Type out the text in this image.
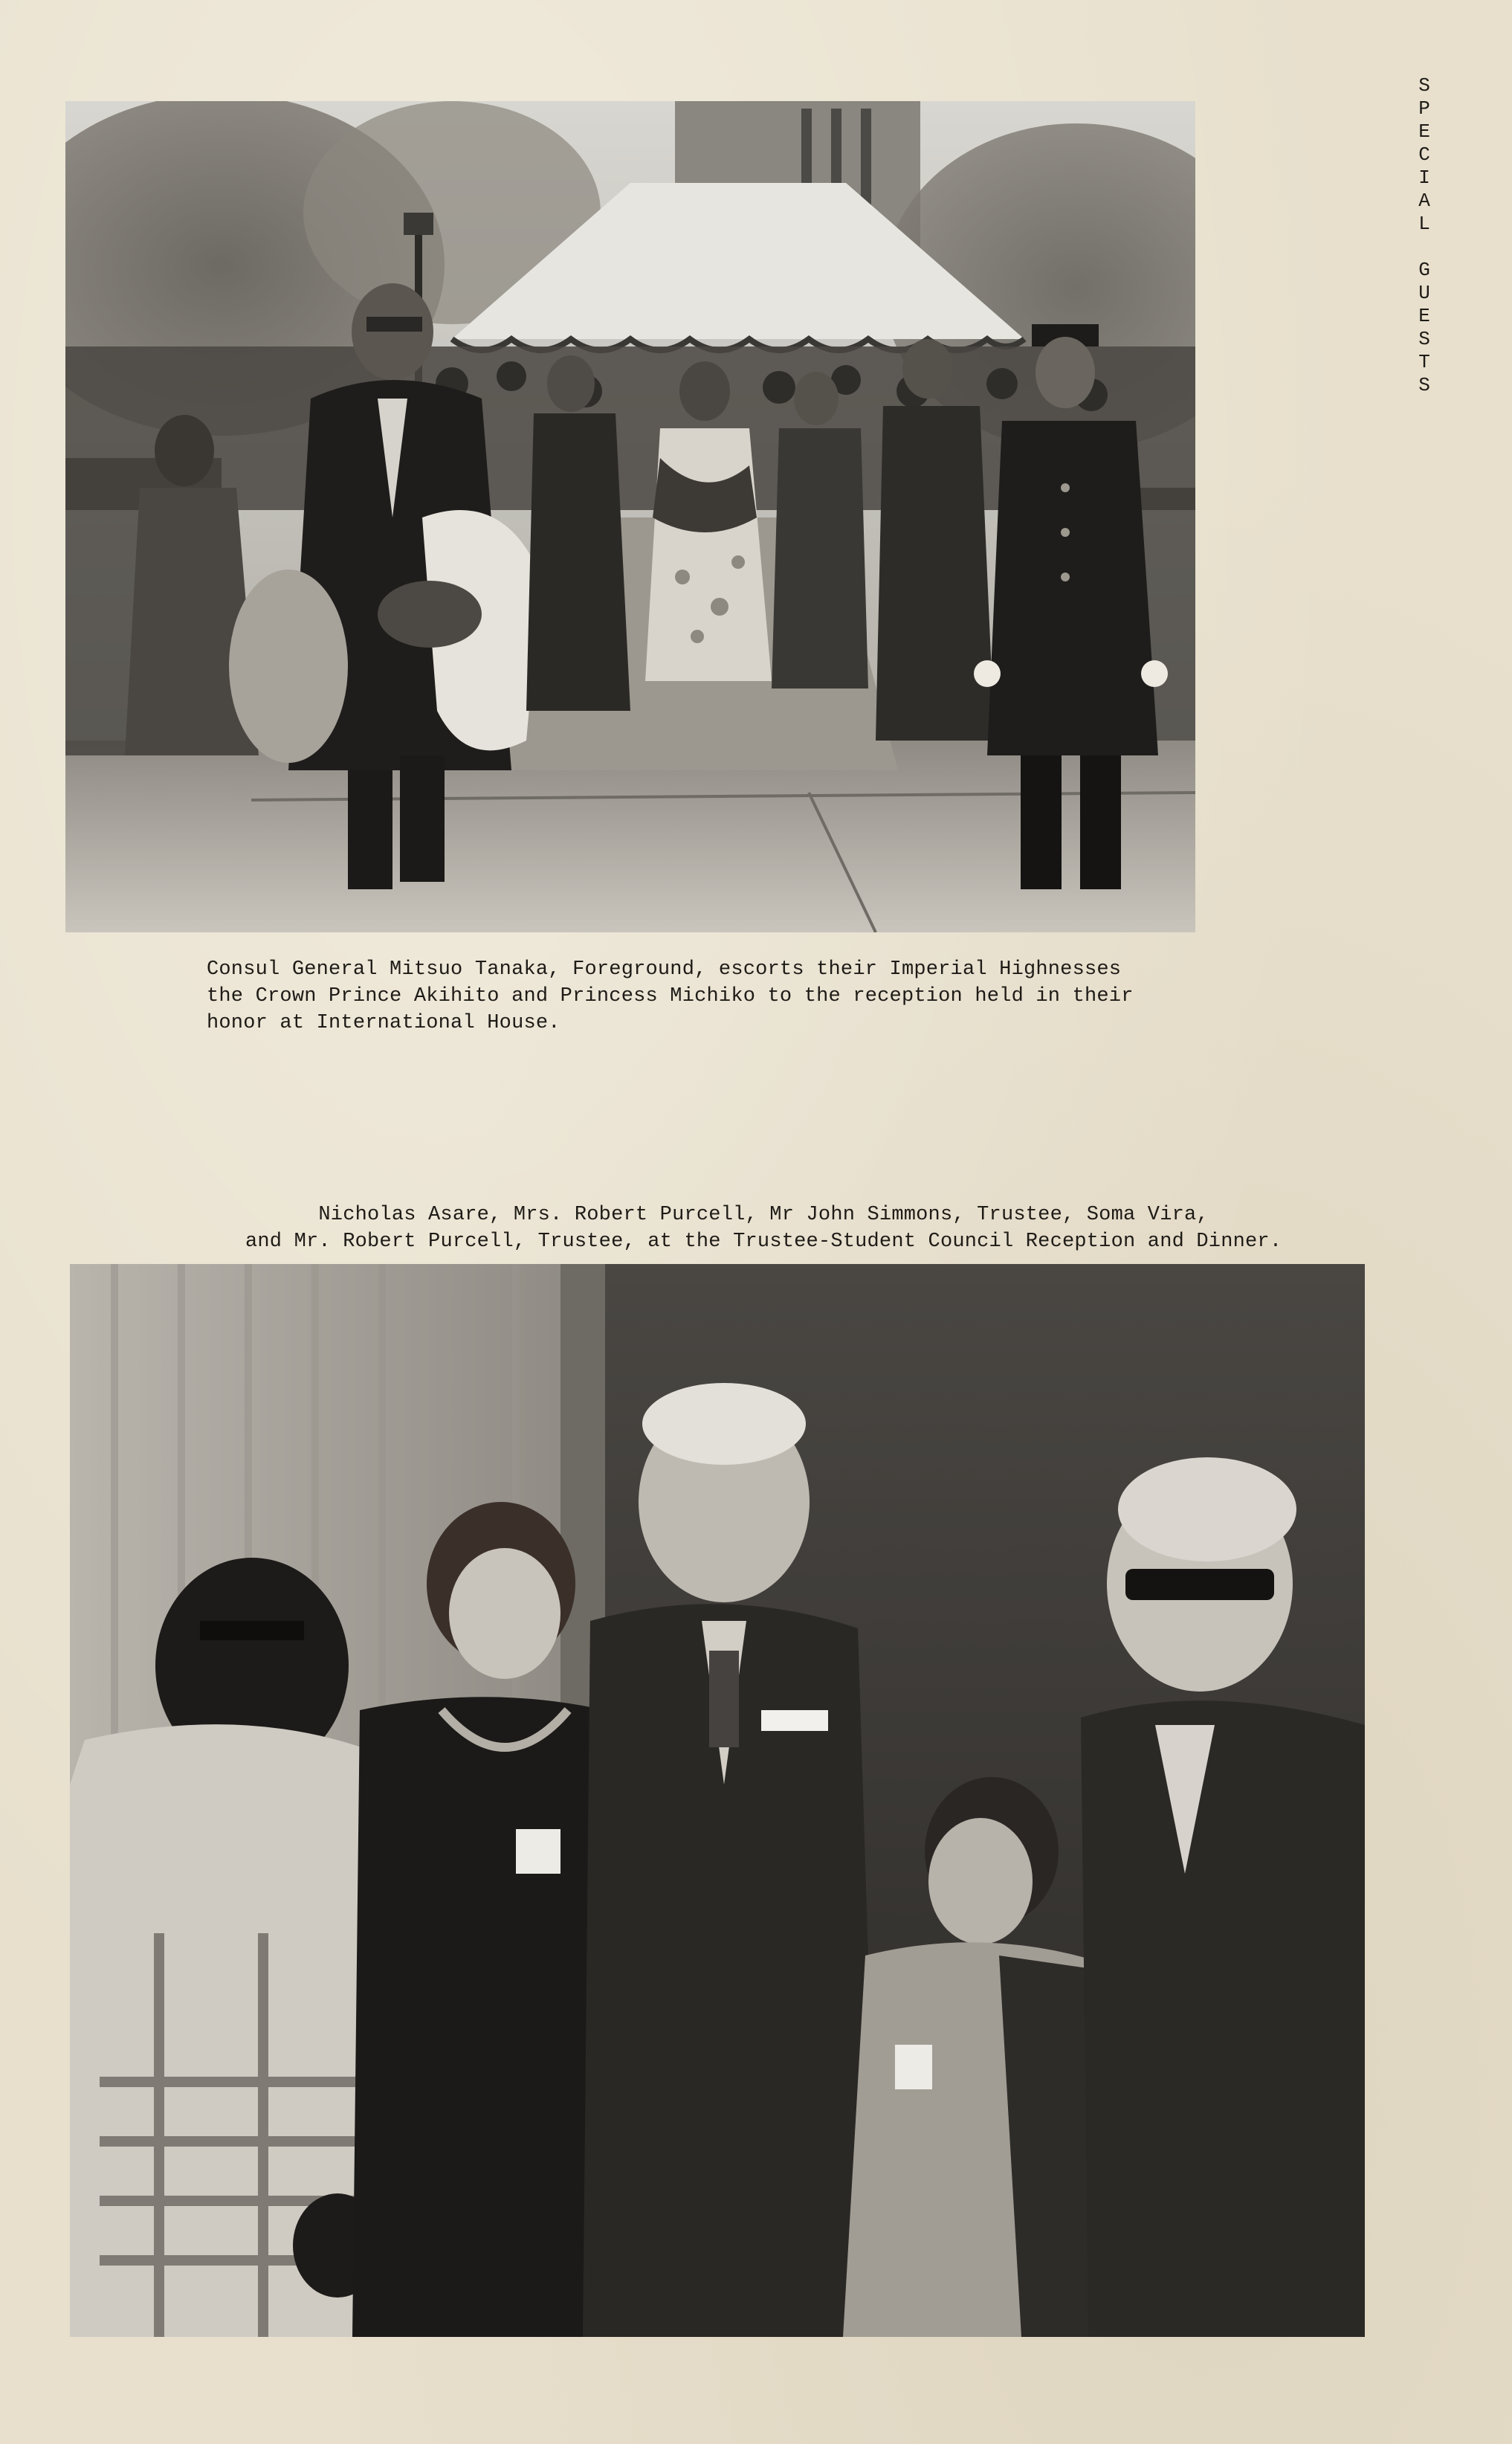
S
P
E
C
I
A
L
G
U
E
S
T
S
Consul General Mitsuo Tanaka, Foreground, escorts their Imperial Highnesses
the Crown Prince Akihito and Princess Michiko to the reception held in their
honor at International House.
Nicholas Asare, Mrs. Robert Purcell, Mr John Simmons, Trustee, Soma Vira,
and Mr. Robert Purcell, Trustee, at the Trustee-Student Council Reception and Dinner.
